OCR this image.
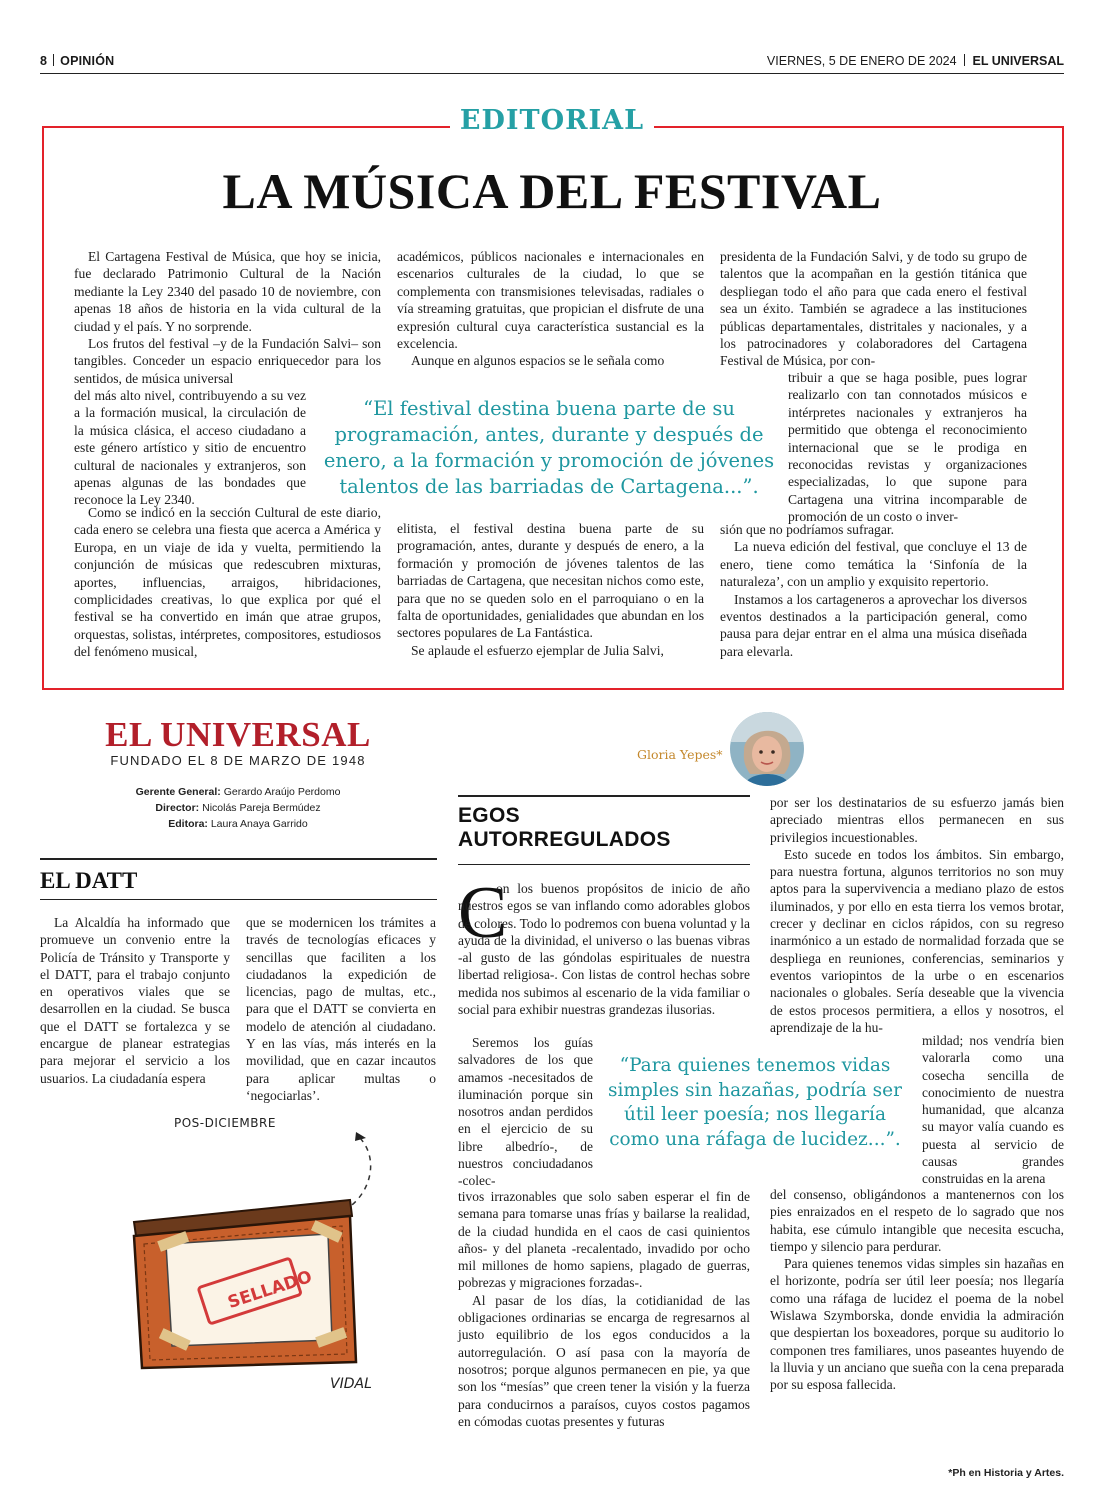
8 OPINIÓN	VIERNES, 5 DE ENERO DE 2024 EL UNIVERSAL
EDITORIAL
LA MÚSICA DEL FESTIVAL

El Cartagena Festival de Música, que hoy se inicia, fue declarado Patrimonio Cultural de la Nación mediante la Ley 2340 del pasado 10 de noviembre, con apenas 18 años de historia en la vida cultural de la ciudad y el país. Y no sorprende.

Los frutos del festival –y de la Fundación Salvi– son tangibles. Conceder un espacio enriquecedor para los sentidos, de música universal

del más alto nivel, contribuyendo a su vez a la formación musical, la circulación de la música clásica, el acceso ciudadano a este género artístico y sitio de encuentro cultural de nacionales y extranjeros, son apenas algunas de las bondades que reconoce la Ley 2340.

Como se indicó en la sección Cultural de este diario, cada enero se celebra una fiesta que acerca a América y Europa, en un viaje de ida y vuelta, permitiendo la conjunción de músicas que redescubren mixturas, aportes, influencias, arraigos, hibridaciones, complicidades creativas, lo que explica por qué el festival se ha convertido en imán que atrae grupos, orquestas, solistas, intérpretes, compositores, estudiosos del fenómeno musical,

académicos, públicos nacionales e internacionales en escenarios culturales de la ciudad, lo que se complementa con transmisiones televisadas, radiales o vía streaming gratuitas, que propician el disfrute de una expresión cultural cuya característica sustancial es la excelencia.

Aunque en algunos espacios se le señala como

elitista, el festival destina buena parte de su programación, antes, durante y después de enero, a la formación y promoción de jóvenes talentos de las barriadas de Cartagena, que necesitan nichos como este, para que no se queden solo en el parroquiano o en la falta de oportunidades, genialidades que abundan en los sectores populares de La Fantástica.

Se aplaude el esfuerzo ejemplar de Julia Salvi,

presidenta de la Fundación Salvi, y de todo su grupo de talentos que la acompañan en la gestión titánica que despliegan todo el año para que cada enero el festival sea un éxito. También se agradece a las instituciones públicas departamentales, distritales y nacionales, y a los patrocinadores y colaboradores del Cartagena Festival de Música, por con-

tribuir a que se haga posible, pues lograr realizarlo con tan connotados músicos e intérpretes nacionales y extranjeros ha permitido que obtenga el reconocimiento internacional que se le prodiga en reconocidas revistas y organizaciones especializadas, lo que supone para Cartagena una vitrina incomparable de promoción de un costo o inver-

sión que no podríamos sufragar.

La nueva edición del festival, que concluye el 13 de enero, tiene como temática la ‘Sinfonía de la naturaleza’, con un amplio y exquisito repertorio.

Instamos a los cartageneros a aprovechar los diversos eventos destinados a la participación general, como pausa para dejar entrar en el alma una música diseñada para elevarla.

“El festival destina buena parte de su programación, antes, durante y después de enero, a la formación y promoción de jóvenes talentos de las barriadas de Cartagena...”.
EL UNIVERSAL
FUNDADO EL 8 DE MARZO DE 1948
Gerente General: Gerardo Araújo Perdomo
Director: Nicolás Pareja Bermúdez
Editora: Laura Anaya Garrido
EL DATT

La Alcaldía ha informado que promueve un convenio entre la Policía de Tránsito y Transporte y el DATT, para el trabajo conjunto en operativos viales que se desarrollen en la ciudad. Se busca que el DATT se fortalezca y se encargue de planear estrategias para mejorar el servicio a los usuarios. La ciudadanía espera

que se modernicen los trámites a través de tecnologías eficaces y sencillas que faciliten a los ciudadanos la expedición de licencias, pago de multas, etc., para que el DATT se convierta en modelo de atención al ciudadano. Y en las vías, más interés en la movilidad, que en cazar incautos para aplicar multas o ‘negociarlas’.

POS-DICIEMBRE
SELLADO
VIDAL
Gloria Yepes*
EGOS
AUTORREGULADOS
C

on los buenos propósitos de inicio de año nuestros egos se van inflando como adorables globos de colores. Todo lo podremos con buena voluntad y la ayuda de la divinidad, el universo o las buenas vibras -al gusto de las góndolas espirituales de nuestra libertad religiosa-. Con listas de control hechas sobre medida nos subimos al escenario de la vida familiar o social para exhibir nuestras grandezas ilusorias.

Seremos los guías salvadores de los que amamos -necesitados de iluminación porque sin nosotros andan perdidos en el ejercicio de su libre albedrío-, de nuestros conciudadanos -colec-

tivos irrazonables que solo saben esperar el fin de semana para tomarse unas frías y bailarse la realidad, de la ciudad hundida en el caos de casi quinientos años- y del planeta -recalentado, invadido por ocho mil millones de homo sapiens, plagado de guerras, pobrezas y migraciones forzadas-.

Al pasar de los días, la cotidianidad de las obligaciones ordinarias se encarga de regresarnos al justo equilibrio de los egos conducidos a la autorregulación. O así pasa con la mayoría de nosotros; porque algunos permanecen en pie, ya que son los “mesías” que creen tener la visión y la fuerza para conducirnos a paraísos, cuyos costos pagamos en cómodas cuotas presentes y futuras

por ser los destinatarios de su esfuerzo jamás bien apreciado mientras ellos permanecen en sus privilegios incuestionables.

Esto sucede en todos los ámbitos. Sin embargo, para nuestra fortuna, algunos territorios no son muy aptos para la supervivencia a mediano plazo de estos iluminados, y por ello en esta tierra los vemos brotar, crecer y declinar en ciclos rápidos, con su regreso inarmónico a un estado de normalidad forzada que se despliega en reuniones, conferencias, seminarios y eventos variopintos de la urbe o en escenarios nacionales o globales. Sería deseable que la vivencia de estos procesos permitiera, a ellos y nosotros, el aprendizaje de la hu-

mildad; nos vendría bien valorarla como una cosecha sencilla de conocimiento de nuestra humanidad, que alcanza su mayor valía cuando es puesta al servicio de causas grandes construidas en la arena

del consenso, obligándonos a mantenernos con los pies enraizados en el respeto de lo sagrado que nos habita, ese cúmulo intangible que necesita escucha, tiempo y silencio para perdurar.

Para quienes tenemos vidas simples sin hazañas en el horizonte, podría ser útil leer poesía; nos llegaría como una ráfaga de lucidez el poema de la nobel Wislawa Szymborska, donde envidia la admiración que despiertan los boxeadores, porque su auditorio lo componen tres familiares, unos paseantes huyendo de la lluvia y un anciano que sueña con la cena preparada por su esposa fallecida.

“Para quienes tenemos vidas simples sin hazañas, podría ser útil leer poesía; nos llegaría como una ráfaga de lucidez...”.
*Ph en Historia y Artes.
